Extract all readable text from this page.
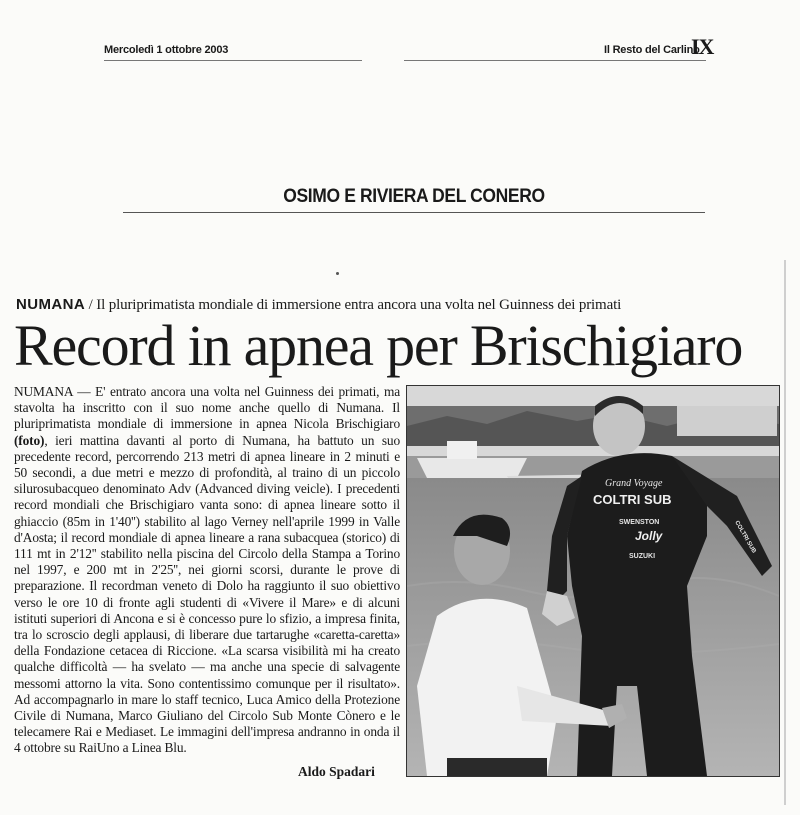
Mercoledì 1 ottobre 2003	Il Resto del Carlino
IX
OSIMO E RIVIERA DEL CONERO
NUMANA / Il pluriprimatista mondiale di immersione entra ancora una volta nel Guinness dei primati
Record in apnea per Brischigiaro

NUMANA — E' entrato ancora una volta nel Guinness dei primati, ma stavolta ha inscritto con il suo nome anche quello di Numana. Il pluriprimatista mondiale di immersione in apnea Nicola Brischigiaro (foto), ieri mattina davanti al porto di Numana, ha battuto un suo precedente record, percorrendo 213 metri di apnea lineare in 2 minuti e 50 secondi, a due metri e mezzo di profondità, al traino di un piccolo silurosubacqueo denominato Adv (Advanced diving veicle). I precedenti record mondiali che Brischigiaro vanta sono: di apnea lineare sotto il ghiaccio (85m in 1'40'') stabilito al lago Verney nell'aprile 1999 in Valle d'Aosta; il record mondiale di apnea lineare a rana subacquea (storico) di 111 mt in 2'12'' stabilito nella piscina del Circolo della Stampa a Torino nel 1997, e 200 mt in 2'25'', nei giorni scorsi, durante le prove di preparazione. Il recordman veneto di Dolo ha raggiunto il suo obiettivo verso le ore 10 di fronte agli studenti di «Vivere il Mare» e di alcuni istituti superiori di Ancona e si è concesso pure lo sfizio, a impresa finita, tra lo scroscio degli applausi, di liberare due tartarughe «caretta-caretta» della Fondazione cetacea di Riccione. «La scarsa visibilità mi ha creato qualche difficoltà — ha svelato — ma anche una specie di salvagente messomi attorno la vita. Sono contentissimo comunque per il risultato». Ad accompagnarlo in mare lo staff tecnico, Luca Amico della Protezione Civile di Numana, Marco Giuliano del Circolo Sub Monte Cònero e le telecamere Rai e Mediaset. Le immagini dell'impresa andranno in onda il 4 ottobre su RaiUno a Linea Blu.

Aldo Spadari
Grand Voyage
COLTRI SUB
SWENSTON
Jolly
SUZUKI
COLTRI SUB
